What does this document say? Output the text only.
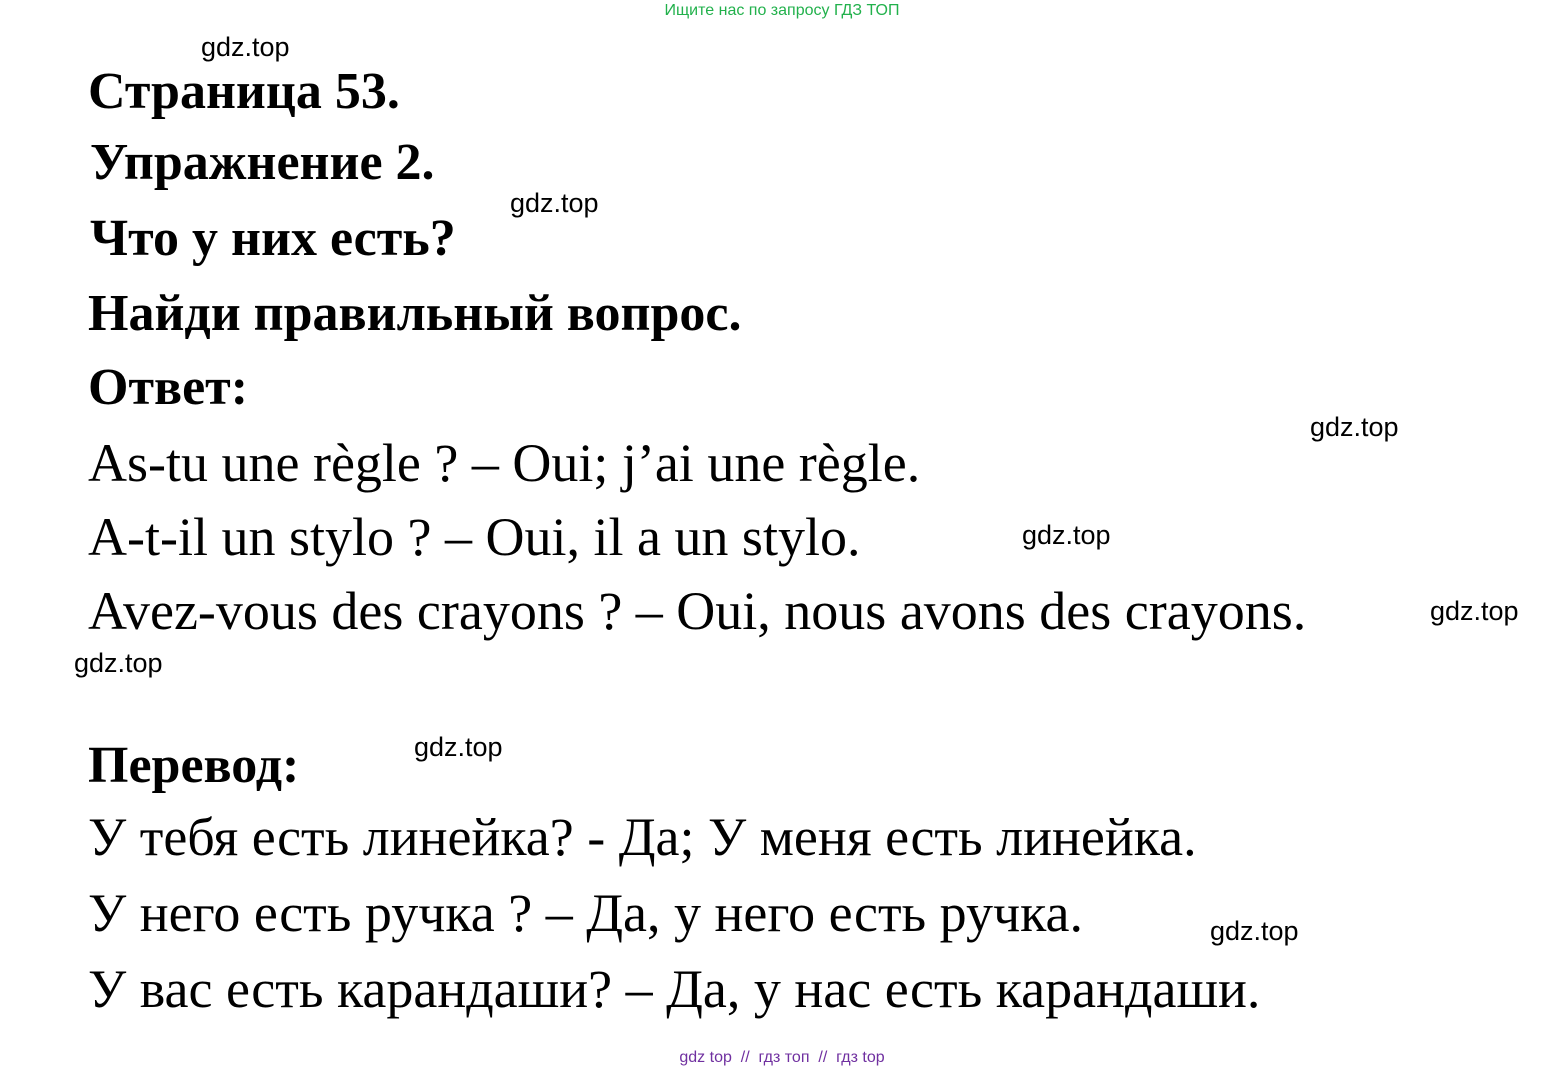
Ищите нас по запросу ГДЗ ТОП
gdz.top
Страница 53.
Упражнение 2.
gdz.top
Что у них есть?
Найди правильный вопрос.
Ответ:
gdz.top
As-tu une règle ? – Oui; j’ai une règle.
A-t-il un stylo ? – Oui, il a un stylo.	gdz.top
Avez-vous des crayons ? – Oui, nous avons des crayons.	gdz.top
gdz.top
gdz.top
Перевод:
У тебя есть линейка? - Да; У меня есть линейка.
У него есть ручка ? – Да, у него есть ручка.	gdz.top
У вас есть карандаши? – Да, у нас есть карандаши.
gdz top  //  гдз топ  //  гдз top
